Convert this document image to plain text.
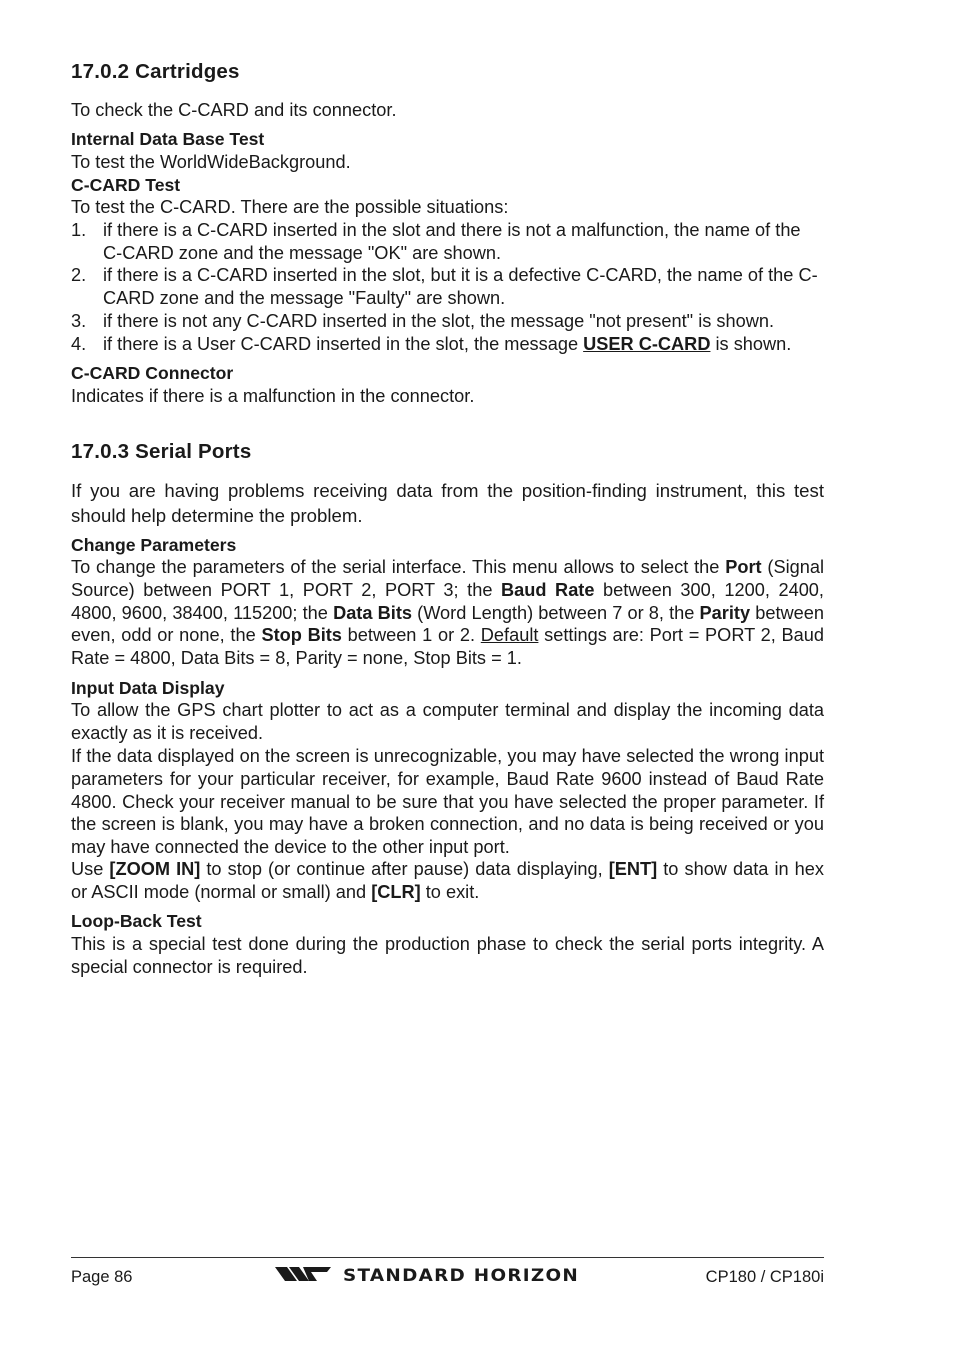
17.0.2 Cartridges
To check the C-CARD and its connector.
Internal Data Base Test
To test the WorldWideBackground.
C-CARD Test
To test the C-CARD. There are the possible situations:
1. if there is a C-CARD inserted in the slot and there is not a malfunction, the name of the C-CARD zone and the message "OK" are shown.
2. if there is a C-CARD inserted in the slot, but it is a defective C-CARD, the name of the C-CARD zone and the message "Faulty" are shown.
3. if there is not any C-CARD inserted in the slot, the message "not present" is shown.
4. if there is a User C-CARD inserted in the slot, the message USER C-CARD is shown.
C-CARD Connector
Indicates if there is a malfunction in the connector.
17.0.3 Serial Ports
If you are having problems receiving data from the position-finding instrument, this test should help determine the problem.
Change Parameters
To change the parameters of the serial interface. This menu allows to select the Port (Signal Source) between PORT 1, PORT 2, PORT 3; the Baud Rate between 300, 1200, 2400, 4800, 9600, 38400, 115200; the Data Bits (Word Length) between 7 or 8, the Parity between even, odd or none, the Stop Bits between 1 or 2. Default settings are: Port = PORT 2, Baud Rate = 4800, Data Bits = 8, Parity = none, Stop Bits = 1.
Input Data Display
To allow the GPS chart plotter to act as a computer terminal and display the incoming data exactly as it is received.
If the data displayed on the screen is unrecognizable, you may have selected the wrong input parameters for your particular receiver, for example, Baud Rate 9600 instead of Baud Rate 4800. Check your receiver manual to be sure that you have selected the proper parameter. If the screen is blank, you may have a broken connection, and no data is being received or you may have connected the device to the other input port.
Use [ZOOM IN] to stop (or continue after pause) data displaying, [ENT] to show data in hex or ASCII mode (normal or small) and [CLR] to exit.
Loop-Back Test
This is a special test done during the production phase to check the serial ports integrity. A special connector is required.
Page 86	STANDARD HORIZON	CP180 / CP180i
